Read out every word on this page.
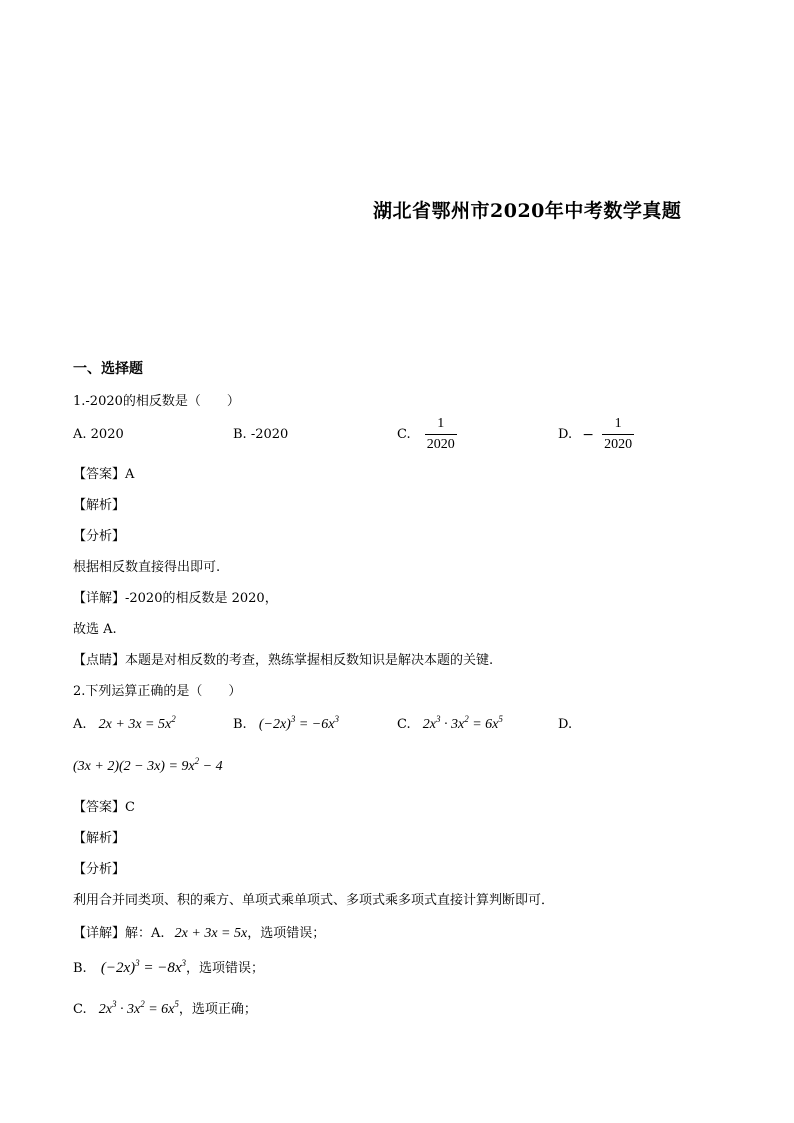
湖北省鄂州市2020年中考数学真题
一、选择题
1.-2020的相反数是（　　）
A. 2020	B. -2020	C. $\frac{1}{2020}$	D. − $\frac{1}{2020}$
【答案】A
【解析】
【分析】
根据相反数直接得出即可.
【详解】-2020的相反数是 2020，
故选 A.
【点睛】本题是对相反数的考查，熟练掌握相反数知识是解决本题的关键.
2.下列运算正确的是（　　）
A. $2x + 3x = 5x^2$	B. $(-2x)^3 = -6x^3$	C. $2x^3 \cdot 3x^2 = 6x^5$	D.
$(3x + 2)(2 - 3x) = 9x^2 - 4$
【答案】C
【解析】
【分析】
利用合并同类项、积的乘方、单项式乘单项式、多项式乘多项式直接计算判断即可．
【详解】解：A. 2x + 3x = 5x，选项错误；
B. $(-2x)^3 = -8x^3$，选项错误；
C. $2x^3 \cdot 3x^2 = 6x^5$，选项正确；
